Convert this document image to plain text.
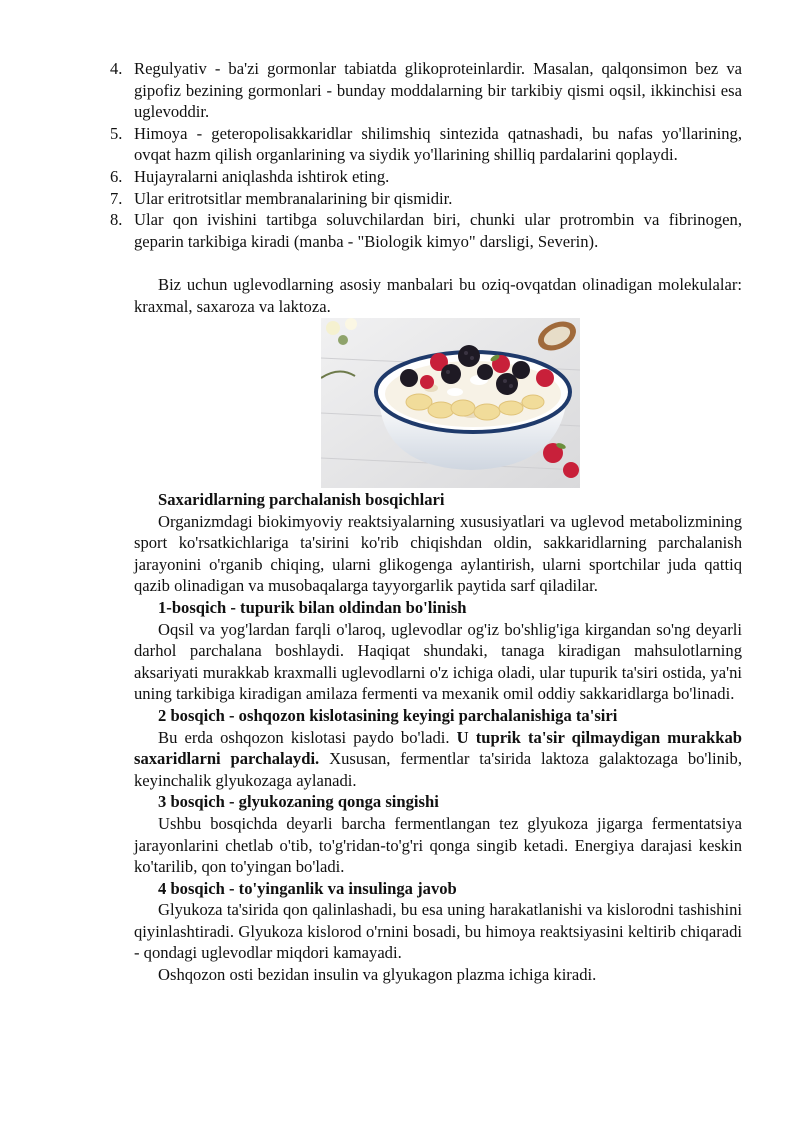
4. Regulyativ - ba'zi gormonlar tabiatda glikoproteinlardir. Masalan, qalqonsimon bez va gipofiz bezining gormonlari - bunday moddalarning bir tarkibiy qismi oqsil, ikkinchisi esa uglevoddir.
5. Himoya - geteropolisakkaridlar shilimshiq sintezida qatnashadi, bu nafas yo'llarining, ovqat hazm qilish organlarining va siydik yo'llarining shilliq pardalarini qoplaydi.
6. Hujayralarni aniqlashda ishtirok eting.
7. Ular eritrotsitlar membranalarining bir qismidir.
8. Ular qon ivishini tartibga soluvchilardan biri, chunki ular protrombin va fibrinogen, geparin tarkibiga kiradi (manba - "Biologik kimyo" darsligi, Severin).

Biz uchun uglevodlarning asosiy manbalari bu oziq-ovqatdan olinadigan molekulalar: kraxmal, saxaroza va laktoza.

Saxaridlarning parchalanish bosqichlari

Organizmdagi biokimyoviy reaktsiyalarning xususiyatlari va uglevod metabolizmining sport ko'rsatkichlariga ta'sirini ko'rib chiqishdan oldin, sakkaridlarning parchalanish jarayonini o'rganib chiqing, ularni glikogenga aylantirish, ularni sportchilar juda qattiq qazib olinadigan va musobaqalarga tayyorgarlik paytida sarf qiladilar.

1-bosqich - tupurik bilan oldindan bo'linish

Oqsil va yog'lardan farqli o'laroq, uglevodlar og'iz bo'shlig'iga kirgandan so'ng deyarli darhol parchalana boshlaydi. Haqiqat shundaki, tanaga kiradigan mahsulotlarning aksariyati murakkab kraxmalli uglevodlarni o'z ichiga oladi, ular tupurik ta'siri ostida, ya'ni uning tarkibiga kiradigan amilaza fermenti va mexanik omil oddiy sakkaridlarga bo'linadi.

2 bosqich - oshqozon kislotasining keyingi parchalanishiga ta'siri

Bu erda oshqozon kislotasi paydo bo'ladi. U tuprik ta'sir qilmaydigan murakkab saxaridlarni parchalaydi. Xususan, fermentlar ta'sirida laktoza galaktozaga bo'linib, keyinchalik glyukozaga aylanadi.

3 bosqich - glyukozaning qonga singishi

Ushbu bosqichda deyarli barcha fermentlangan tez glyukoza jigarga fermentatsiya jarayonlarini chetlab o'tib, to'g'ridan-to'g'ri qonga singib ketadi. Energiya darajasi keskin ko'tarilib, qon to'yingan bo'ladi.

4 bosqich - to'yinganlik va insulinga javob

Glyukoza ta'sirida qon qalinlashadi, bu esa uning harakatlanishi va kislorodni tashishini qiyinlashtiradi. Glyukoza kislorod o'rnini bosadi, bu himoya reaktsiyasini keltirib chiqaradi - qondagi uglevodlar miqdori kamayadi.

Oshqozon osti bezidan insulin va glyukagon plazma ichiga kiradi.
